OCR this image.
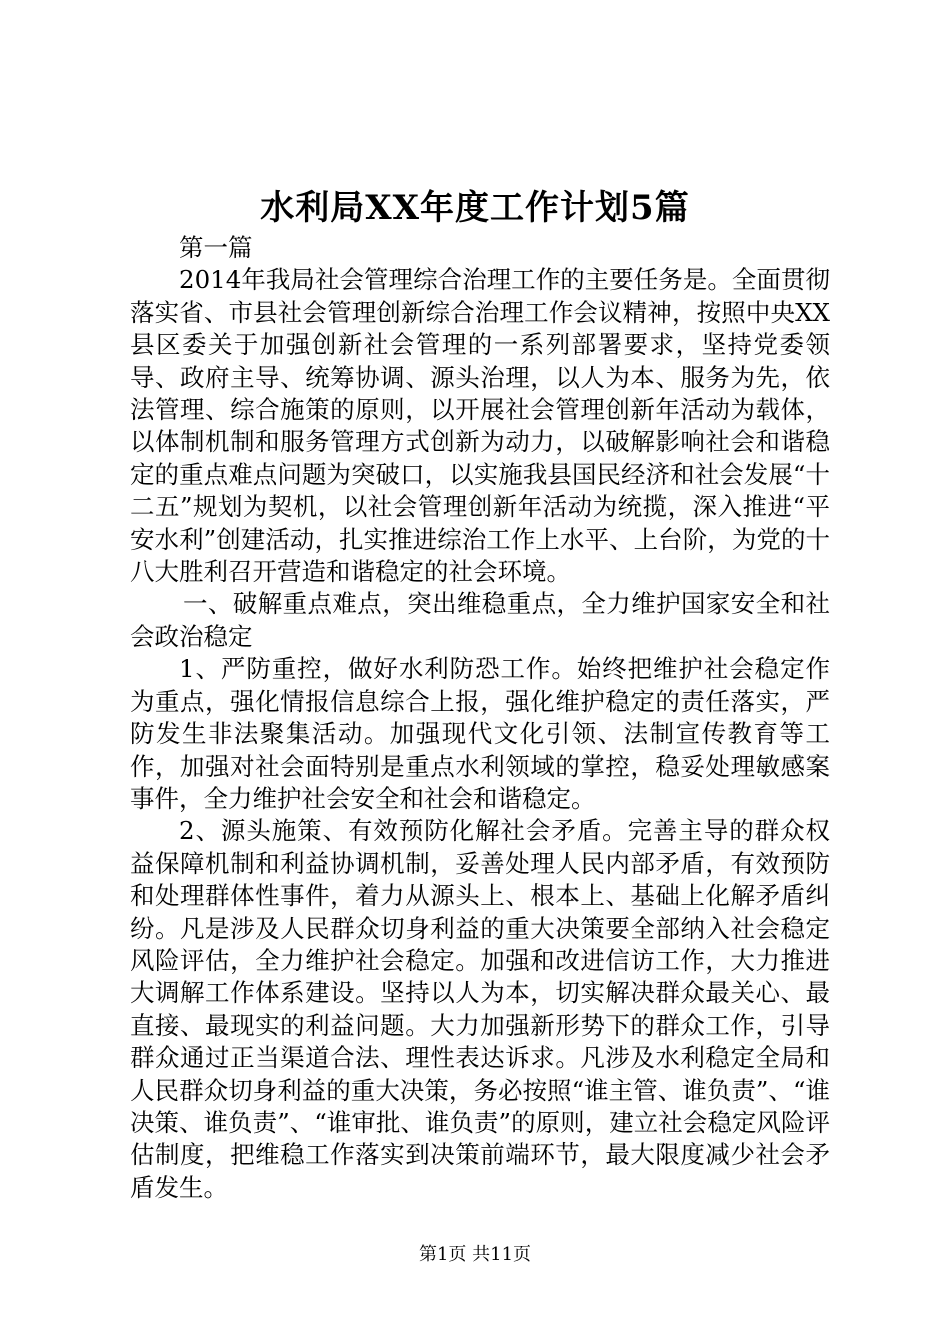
水利局XX年度工作计划5篇

第一篇

2014年我局社会管理综合治理工作的主要任务是。全面贯彻落实省、市县社会管理创新综合治理工作会议精神，按照中央XX县区委关于加强创新社会管理的一系列部署要求，坚持党委领导、政府主导、统筹协调、源头治理，以人为本、服务为先，依法管理、综合施策的原则，以开展社会管理创新年活动为载体，以体制机制和服务管理方式创新为动力，以破解影响社会和谐稳定的重点难点问题为突破口，以实施我县国民经济和社会发展“十二五”规划为契机，以社会管理创新年活动为统揽，深入推进“平安水利”创建活动，扎实推进综治工作上水平、上台阶，为党的十八大胜利召开营造和谐稳定的社会环境。

一、破解重点难点，突出维稳重点，全力维护国家安全和社会政治稳定

1、严防重控，做好水利防恐工作。始终把维护社会稳定作为重点，强化情报信息综合上报，强化维护稳定的责任落实，严防发生非法聚集活动。加强现代文化引领、法制宣传教育等工作，加强对社会面特别是重点水利领域的掌控，稳妥处理敏感案事件，全力维护社会安全和社会和谐稳定。

2、源头施策、有效预防化解社会矛盾。完善主导的群众权益保障机制和利益协调机制，妥善处理人民内部矛盾，有效预防和处理群体性事件，着力从源头上、根本上、基础上化解矛盾纠纷。凡是涉及人民群众切身利益的重大决策要全部纳入社会稳定风险评估，全力维护社会稳定。加强和改进信访工作，大力推进大调解工作体系建设。坚持以人为本，切实解决群众最关心、最直接、最现实的利益问题。大力加强新形势下的群众工作，引导群众通过正当渠道合法、理性表达诉求。凡涉及水利稳定全局和人民群众切身利益的重大决策，务必按照“谁主管、谁负责”、“谁决策、谁负责”、“谁审批、谁负责”的原则，建立社会稳定风险评估制度，把维稳工作落实到决策前端环节，最大限度减少社会矛盾发生。

第1页 共11页
